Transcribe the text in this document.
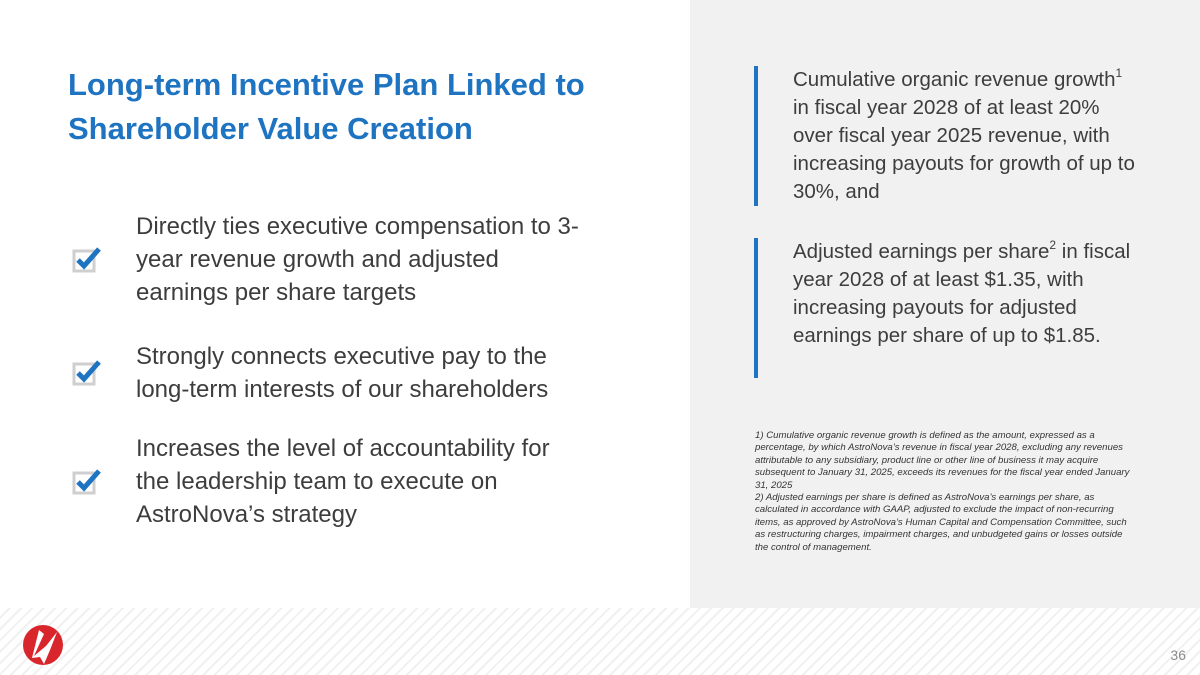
Long-term Incentive Plan Linked to Shareholder Value Creation
Directly ties executive compensation to 3-year revenue growth and adjusted earnings per share targets
Strongly connects executive pay to the long-term interests of our shareholders
Increases the level of accountability for the leadership team to execute on AstroNova’s strategy
Cumulative organic revenue growth$^1$ in fiscal year 2028 of at least 20% over fiscal year 2025 revenue, with increasing payouts for growth of up to 30%, and
Adjusted earnings per share$^2$ in fiscal year 2028 of at least $1.35, with increasing payouts for adjusted earnings per share of up to $1.85.
1) Cumulative organic revenue growth is defined as the amount, expressed as a percentage, by which AstroNova’s revenue in fiscal year 2028, excluding any revenues attributable to any subsidiary, product line or other line of business it may acquire subsequent to January 31, 2025, exceeds its revenues for the fiscal year ended January 31, 2025
2) Adjusted earnings per share is defined as AstroNova’s earnings per share, as calculated in accordance with GAAP, adjusted to exclude the impact of non-recurring items, as approved by AstroNova’s Human Capital and Compensation Committee, such as restructuring charges, impairment charges, and unbudgeted gains or losses outside the control of management.
36
